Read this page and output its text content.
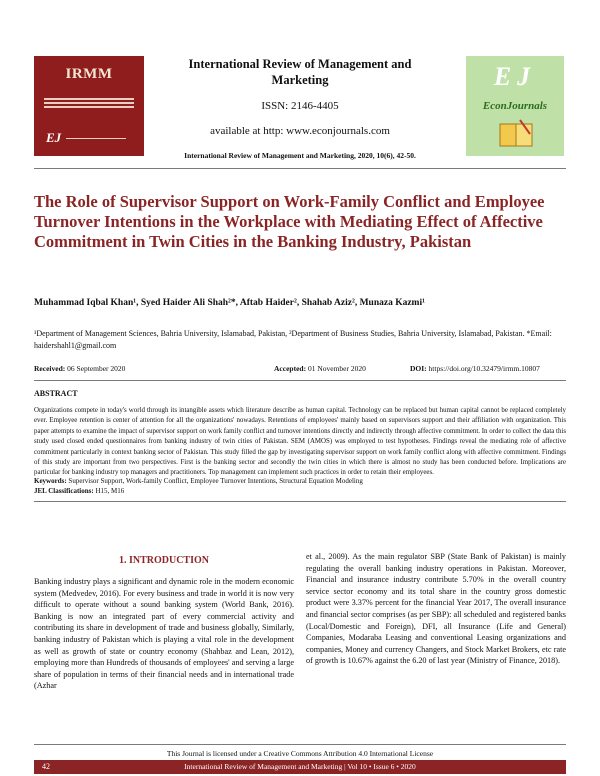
IRMM
EJ
International Review of Management and Marketing
ISSN: 2146-4405
available at http: www.econjournals.com
International Review of Management and Marketing, 2020, 10(6), 42-50.
EJ
EconJournals
The Role of Supervisor Support on Work-Family Conflict and Employee Turnover Intentions in the Workplace with Mediating Effect of Affective Commitment in Twin Cities in the Banking Industry, Pakistan
Muhammad Iqbal Khan¹, Syed Haider Ali Shah²*, Aftab Haider², Shahab Aziz², Munaza Kazmi¹
¹Department of Management Sciences, Bahria University, Islamabad, Pakistan, ²Department of Business Studies, Bahria University, Islamabad, Pakistan. *Email: haidershahl1@gmail.com
Received: 06 September 2020	Accepted: 01 November 2020	DOI: https://doi.org/10.32479/irmm.10807
ABSTRACT
Organizations compete in today's world through its intangible assets which literature describe as human capital. Technology can be replaced but human capital cannot be replaced completely ever. Employee retention is center of attention for all the organizations' nowadays. Retentions of employees' mainly based on supervisors support and their affiliation with organization. This paper attempts to examine the impact of supervisor support on work family conflict and turnover intentions directly and indirectly through affective commitment. In order to collect the data this study used closed ended questionnaires from banking industry of twin cities of Pakistan. SEM (AMOS) was employed to test hypotheses. Findings reveal the mediating role of affective commitment particularly in context banking sector of Pakistan. This study filled the gap by investigating supervisor support on work family conflict along with affective commitment. Findings of this study are important from two perspectives. First is the banking sector and secondly the twin cities in which there is almost no study has been conducted before. Implications are particular for banking industry top managers and practitioners. Top management can implement such practices in order to retain their employees.
Keywords: Supervisor Support, Work-family Conflict, Employee Turnover Intentions, Structural Equation Modeling
JEL Classifications: H15, M16
1. INTRODUCTION
Banking industry plays a significant and dynamic role in the modern economic system (Medvedev, 2016). For every business and trade in world it is now very difficult to operate without a sound banking system (World Bank, 2016). Banking is now an integrated part of every commercial activity and contributing its share in development of trade and business globally, Similarly, banking industry of Pakistan which is playing a vital role in the development as well as growth of state or country economy (Shahbaz and Lean, 2012), employing more than Hundreds of thousands of employees' and serving a large share of population in terms of their financial needs and in international trade (Azhar
et al., 2009). As the main regulator SBP (State Bank of Pakistan) is mainly regulating the overall banking industry operations in Pakistan. Moreover, Financial and insurance industry contribute 5.70% in the overall country service sector economy and its total share in the country gross domestic product were 3.37% percent for the financial Year 2017, The overall insurance and financial sector comprises (as per SBP): all scheduled and registered banks (Local/Domestic and Foreign), DFI, all Insurance (Life and General) Companies, Modaraba Leasing and conventional Leasing organizations and companies, Money and currency Changers, and Stock Market Brokers, etc rate of growth is 10.67% against the 6.20 of last year (Ministry of Finance, 2018).
This Journal is licensed under a Creative Commons Attribution 4.0 International License
International Review of Management and Marketing | Vol 10 • Issue 6 • 2020
42
